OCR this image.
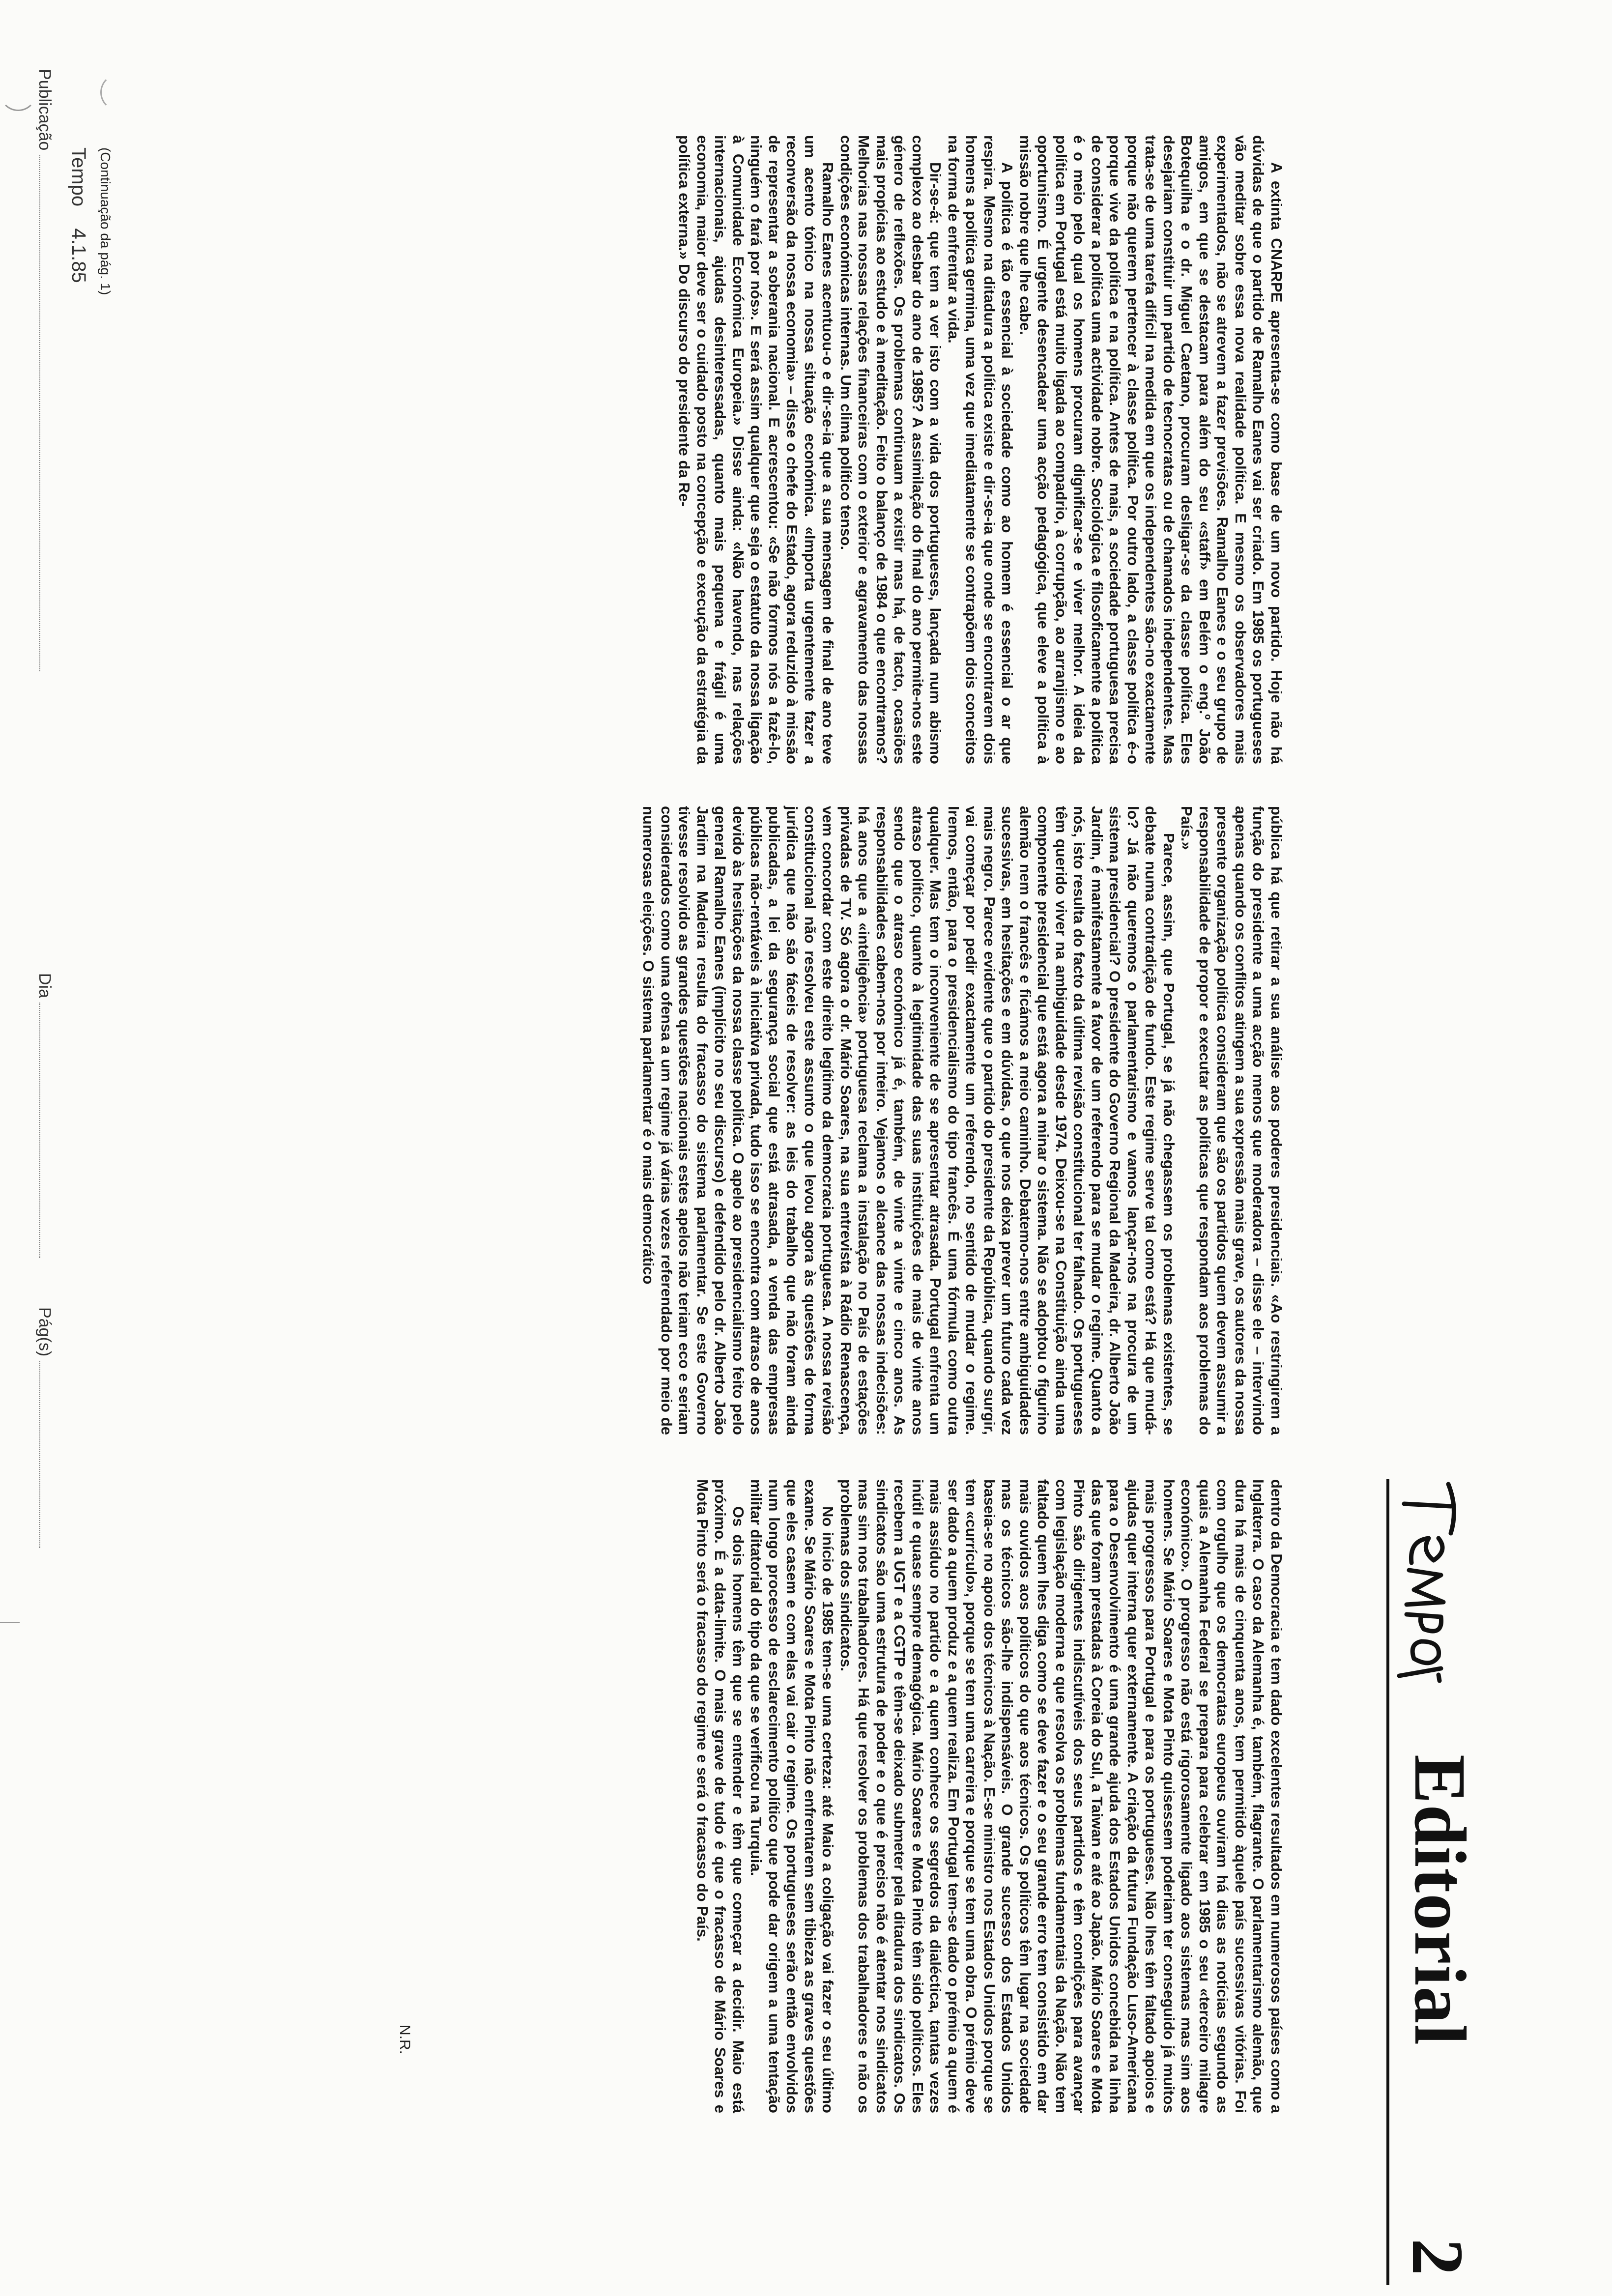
Publicação
Dia
Pág(s)
Tempo    4.1.85 (Continuação da pág. 1)
Editorial
2

A extinta CNARPE apresenta-se como base de um novo partido. Hoje não há dúvidas de que o partido de Ramalho Eanes vai ser criado. Em 1985 os portugueses vão meditar sobre essa nova realidade política. E mesmo os observadores mais experimentados, não se atrevem a fazer previsões. Ramalho Eanes e o seu grupo de amigos, em que se destacam para além do seu «staff» em Belém o eng.º João Botequilha e o dr. Miguel Caetano, procuram desligar-se da classe política. Eles desejariam constituir um partido de tecnocratas ou de chamados independentes. Mas trata-se de uma tarefa difícil na medida em que os independentes são-no exactamente porque não querem pertencer à classe política. Por outro lado, a classe política é-o porque vive da política e na política. Antes de mais, a sociedade portuguesa precisa de considerar a política uma actividade nobre. Sociológica e filosoficamente a política é o meio pelo qual os homens procuram dignificar-se e viver melhor. A ideia da política em Portugal está muito ligada ao compadrio, à corrupção, ao arranjismo e ao oportunismo. É urgente desencadear uma acção pedagógica, que eleve a política à missão nobre que lhe cabe.

A política é tão essencial à sociedade como ao homem é essencial o ar que respira. Mesmo na ditadura a política existe e dir-se-ia que onde se encontrarem dois homens a política germina, uma vez que imediatamente se contrapõem dois conceitos na forma de enfrentar a vida.

Dir-se-á: que tem a ver isto com a vida dos portugueses, lançada num abismo complexo ao desbar do ano de 1985? A assimilação do final do ano permite-nos este género de reflexões. Os problemas continuam a existir mas há, de facto, ocasiões mais propícias ao estudo e à meditação. Feito o balanço de 1984 o que encontramos? Melhorias nas nossas relações financeiras com o exterior e agravamento das nossas condições económicas internas. Um clima político tenso.

Ramalho Eanes acentuou-o e dir-se-ia que a sua mensagem de final de ano teve um acento tónico na nossa situação económica. «Importa urgentemente fazer a reconversão da nossa economia» – disse o chefe do Estado, agora reduzido à missão de representar a soberania nacional. E acrescentou: «Se não formos nós a fazê-lo, ninguém o fará por nós». E será assim qualquer que seja o estatuto da nossa ligação à Comunidade Económica Europeia.» Disse ainda: «Não havendo, nas relações internacionais, ajudas desinteressadas, quanto mais pequena e frágil é uma economia, maior deve ser o cuidado posto na concepção e execução da estratégia da política externa.» Do discurso do presidente da Re-

pública há que retirar a sua análise aos poderes presidenciais. «Ao restringirem a função do presidente a uma acção menos que moderadora – disse ele – intervindo apenas quando os conflitos atingem a sua expressão mais grave, os autores da nossa presente organização política consideram que são os partidos quem devem assumir a responsabilidade de propor e executar as políticas que respondam aos problemas do País.»

Parece, assim, que Portugal, se já não chegassem os problemas existentes, se debate numa contradição de fundo. Este regime serve tal como está? Há que mudá-lo? Já não queremos o parlamentarismo e vamos lançar-nos na procura de um sistema presidencial? O presidente do Governo Regional da Madeira, dr. Alberto João Jardim, é manifestamente a favor de um referendo para se mudar o regime. Quanto a nós, isto resulta do facto da última revisão constitucional ter falhado. Os portugueses têm querido viver na ambiguidade desde 1974. Deixou-se na Constituição ainda uma componente presidencial que está agora a minar o sistema. Não se adoptou o figurino alemão nem o francês e ficámos a meio caminho. Debatemo-nos entre ambiguidades sucessivas, em hesitações e em dúvidas, o que nos deixa prever um futuro cada vez mais negro. Parece evidente que o partido do presidente da República, quando surgir, vai começar por pedir exactamente um referendo, no sentido de mudar o regime. Iremos, então, para o presidencialismo do tipo francês. É uma fórmula como outra qualquer. Mas tem o inconveniente de se apresentar atrasada. Portugal enfrenta um atraso político, quanto à legitimidade das suas instituições de mais de vinte anos sendo que o atraso económico já é, também, de vinte a vinte e cinco anos. As responsabilidades cabem-nos por inteiro. Vejamos o alcance das nossas indecisões: há anos que a «inteligência» portuguesa reclama a instalação no País de estações privadas de TV. Só agora o dr. Mário Soares, na sua entrevista à Rádio Renascença, vem concordar com este direito legítimo da democracia portuguesa. A nossa revisão constitucional não resolveu este assunto o que levou agora às questões de forma jurídica que não são fáceis de resolver: as leis do trabalho que não foram ainda publicadas, a lei da segurança social que está atrasada, a venda das empresas públicas não-rentáveis à iniciativa privada, tudo isso se encontra com atraso de anos devido às hesitações da nossa classe política. O apelo ao presidencialismo feito pelo general Ramalho Eanes (implícito no seu discurso) e defendido pelo dr. Alberto João Jardim na Madeira resulta do fracasso do sistema parlamentar. Se este Governo tivesse resolvido as grandes questões nacionais estes apelos não teriam eco e seriam considerados como uma ofensa a um regime já várias vezes referendado por meio de numerosas eleições. O sistema parlamentar é o mais democrático

dentro da Democracia e tem dado excelentes resultados em numerosos países como a Inglaterra. O caso da Alemanha é, também, flagrante. O parlamentarismo alemão, que dura há mais de cinquenta anos, tem permitido àquele país sucessivas vitórias. Foi com orgulho que os democratas europeus ouviram há dias as notícias segundo as quais a Alemanha Federal se prepara para celebrar em 1985 o seu «terceiro milagre económico». O progresso não está rigorosamente ligado aos sistemas mas sim aos homens. Se Mário Soares e Mota Pinto quisessem poderiam ter conseguido já muitos mais progressos para Portugal e para os portugueses. Não lhes têm faltado apoios e ajudas quer interna quer externamente. A criação da futura Fundação Luso-Americana para o Desenvolvimento é uma grande ajuda dos Estados Unidos concebida na linha das que foram prestadas à Coreia do Sul, a Taiwan e até ao Japão. Mário Soares e Mota Pinto são dirigentes indiscutíveis dos seus partidos e têm condições para avançar com legislação moderna e que resolva os problemas fundamentais da Nação. Não tem faltado quem lhes diga como se deve fazer e o seu grande erro tem consistido em dar mais ouvidos aos políticos do que aos técnicos. Os políticos têm lugar na sociedade mas os técnicos são-lhe indispensáveis. O grande sucesso dos Estados Unidos baseia-se no apoio dos técnicos à Nação. E-se ministro nos Estados Unidos porque se tem «currículo», porque se tem uma carreira e porque se tem uma obra. O prémio deve ser dado a quem produz e a quem realiza. Em Portugal tem-se dado o prémio a quem é mais assíduo no partido e a quem conhece os segredos da dialéctica, tantas vezes inútil e quase sempre demagógica. Mário Soares e Mota Pinto têm sido políticos. Eles recebem a UGT e a CGTP e têm-se deixado submeter pela ditadura dos sindicatos. Os sindicatos são uma estrutura de poder e o que é preciso não é atentar nos sindicatos mas sim nos trabalhadores. Há que resolver os problemas dos trabalhadores e não os problemas dos sindicatos.

No início de 1985 tem-se uma certeza: até Maio a coligação vai fazer o seu último exame. Se Mário Soares e Mota Pinto não enfrentarem sem tibieza as graves questões que eles casem e com elas vai cair o regime. Os portugueses serão então envolvidos num longo processo de esclarecimento político que pode dar origem a uma tentação militar ditatorial do tipo da que se verificou na Turquia.

Os dois homens têm que se entender e têm que começar a decidir. Maio está próximo. É a data-limite. O mais grave de tudo é que o fracasso de Mário Soares e Mota Pinto será o fracasso do regime e será o fracasso do País.

N.R.
